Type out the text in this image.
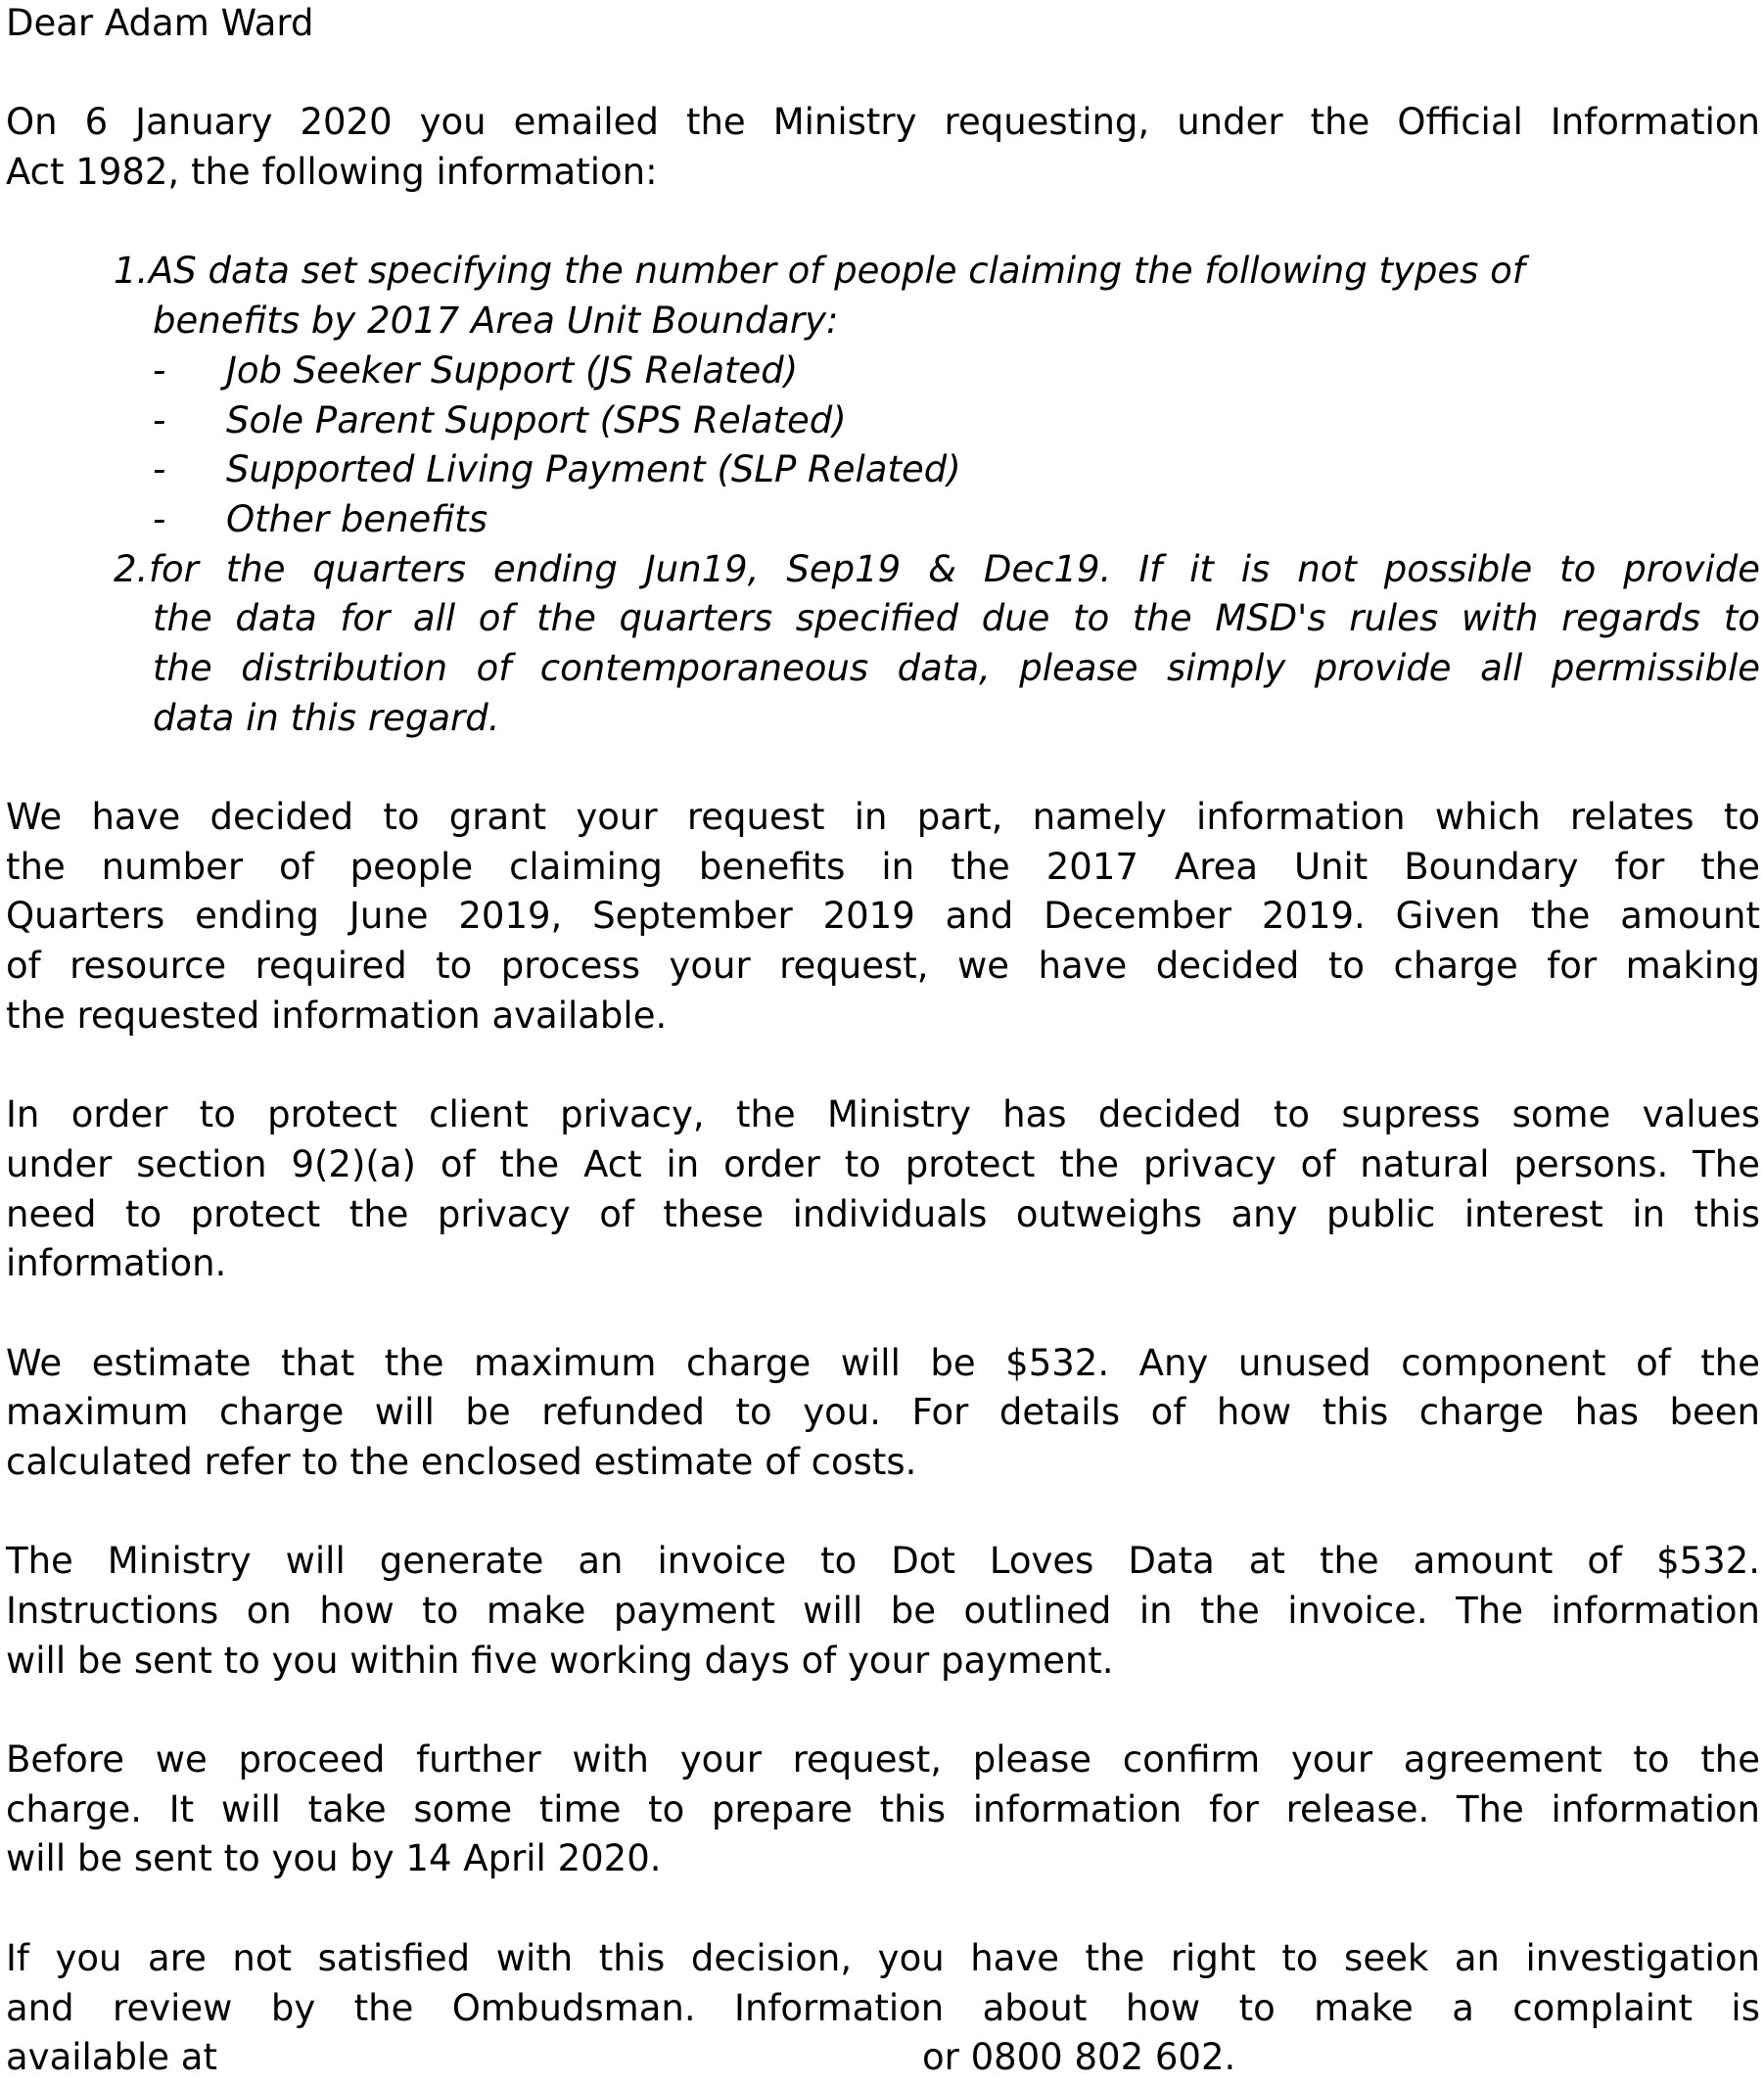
Dear Adam Ward
On 6 January 2020 you emailed the Ministry requesting, under the Official Information
Act 1982, the following information:
1.AS data set specifying the number of people claiming the following types of
benefits by 2017 Area Unit Boundary:
- Job Seeker Support (JS Related)
- Sole Parent Support (SPS Related)
- Supported Living Payment (SLP Related)
- Other benefits
2. for the quarters ending Jun19, Sep19 & Dec19. If it is not possible to provide
the data for all of the quarters specified due to the MSD's rules with regards to
the distribution of contemporaneous data, please simply provide all permissible
data in this regard.
We have decided to grant your request in part, namely information which relates to
the number of people claiming benefits in the 2017 Area Unit Boundary for the
Quarters ending June 2019, September 2019 and December 2019. Given the amount
of resource required to process your request, we have decided to charge for making
the requested information available.
In order to protect client privacy, the Ministry has decided to supress some values
under section 9(2)(a) of the Act in order to protect the privacy of natural persons. The
need to protect the privacy of these individuals outweighs any public interest in this
information.
We estimate that the maximum charge will be $532. Any unused component of the
maximum charge will be refunded to you. For details of how this charge has been
calculated refer to the enclosed estimate of costs.
The Ministry will generate an invoice to Dot Loves Data at the amount of $532.
Instructions on how to make payment will be outlined in the invoice. The information
will be sent to you within five working days of your payment.
Before we proceed further with your request, please confirm your agreement to the
charge. It will take some time to prepare this information for release. The information
will be sent to you by 14 April 2020.
If you are not satisfied with this decision, you have the right to seek an investigation
and review by the Ombudsman. Information about how to make a complaint is
available at	or 0800 802 602.
